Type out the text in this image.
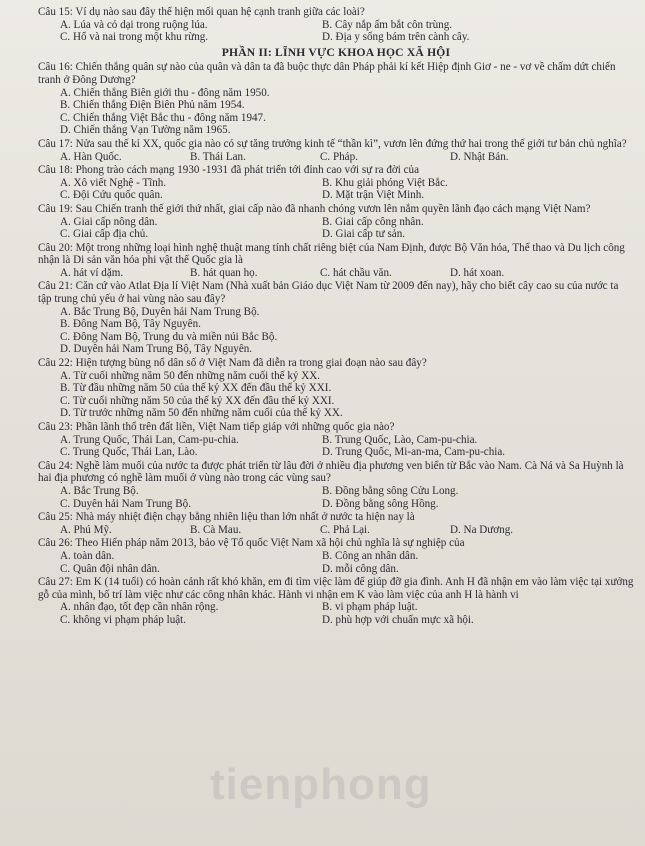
Câu 15: Ví dụ nào sau đây thể hiện mối quan hệ cạnh tranh giữa các loài?
A. Lúa và cỏ dại trong ruộng lúa.	B. Cây nắp ấm bắt côn trùng.
C. Hổ và nai trong một khu rừng.	D. Địa y sống bám trên cành cây.
PHẦN II: LĨNH VỰC KHOA HỌC XÃ HỘI
Câu 16: Chiến thắng quân sự nào của quân và dân ta đã buộc thực dân Pháp phải kí kết Hiệp định Giơ - ne - vơ về chấm dứt chiến tranh ở Đông Dương?
A. Chiến thắng Biên giới thu - đông năm 1950.
B. Chiến thắng Điện Biên Phủ năm 1954.
C. Chiến thắng Việt Bắc thu - đông năm 1947.
D. Chiến thắng Vạn Tường năm 1965.
Câu 17: Nửa sau thế kỉ XX, quốc gia nào có sự tăng trưởng kinh tế “thần kì”, vươn lên đứng thứ hai trong thế giới tư bản chủ nghĩa?
A. Hàn Quốc.	B. Thái Lan.	C. Pháp.	D. Nhật Bản.
Câu 18: Phong trào cách mạng 1930 -1931 đã phát triển tới đỉnh cao với sự ra đời của
A. Xô viết Nghệ - Tĩnh.	B. Khu giải phóng Việt Bắc.
C. Đội Cứu quốc quân.	D. Mặt trận Việt Minh.
Câu 19: Sau Chiến tranh thế giới thứ nhất, giai cấp nào đã nhanh chóng vươn lên nắm quyền lãnh đạo cách mạng Việt Nam?
A. Giai cấp nông dân.	B. Giai cấp công nhân.
C. Giai cấp địa chủ.	D. Giai cấp tư sản.
Câu 20: Một trong những loại hình nghệ thuật mang tính chất riêng biệt của Nam Định, được Bộ Văn hóa, Thể thao và Du lịch công nhận là Di sản văn hóa phi vật thể Quốc gia là
A. hát ví dặm.	B. hát quan họ.	C. hát chầu văn.	D. hát xoan.
Câu 21: Căn cứ vào Atlat Địa lí Việt Nam (Nhà xuất bản Giáo dục Việt Nam từ 2009 đến nay), hãy cho biết cây cao su của nước ta tập trung chủ yếu ở hai vùng nào sau đây?
A. Bắc Trung Bộ, Duyên hải Nam Trung Bộ.
B. Đông Nam Bộ, Tây Nguyên.
C. Đông Nam Bộ, Trung du và miền núi Bắc Bộ.
D. Duyên hải Nam Trung Bộ, Tây Nguyên.
Câu 22: Hiện tượng bùng nổ dân số ở Việt Nam đã diễn ra trong giai đoạn nào sau đây?
A. Từ cuối những năm 50 đến những năm cuối thế kỷ XX.
B. Từ đầu những năm 50 của thế kỷ XX đến đầu thế kỷ XXI.
C. Từ cuối những năm 50 của thế kỷ XX đến đầu thế kỷ XXI.
D. Từ trước những năm 50 đến những năm cuối của thế kỷ XX.
Câu 23: Phần lãnh thổ trên đất liền, Việt Nam tiếp giáp với những quốc gia nào?
A. Trung Quốc, Thái Lan, Cam-pu-chia.	B. Trung Quốc, Lào, Cam-pu-chia.
C. Trung Quốc, Thái Lan, Lào.	D. Trung Quốc, Mi-an-ma, Cam-pu-chia.
Câu 24: Nghề làm muối của nước ta được phát triển từ lâu đời ở nhiều địa phương ven biển từ Bắc vào Nam. Cà Ná và Sa Huỳnh là hai địa phương có nghề làm muối ở vùng nào trong các vùng sau?
A. Bắc Trung Bộ.	B. Đồng bằng sông Cửu Long.
C. Duyên hải Nam Trung Bộ.	D. Đồng bằng sông Hồng.
Câu 25: Nhà máy nhiệt điện chạy bằng nhiên liệu than lớn nhất ở nước ta hiện nay là
A. Phú Mỹ.	B. Cà Mau.	C. Phả Lại.	D. Na Dương.
Câu 26: Theo Hiến pháp năm 2013, bảo vệ Tổ quốc Việt Nam xã hội chủ nghĩa là sự nghiệp của
A. toàn dân.	B. Công an nhân dân.
C. Quân đội nhân dân.	D. mỗi công dân.
Câu 27: Em K (14 tuổi) có hoàn cảnh rất khó khăn, em đi tìm việc làm để giúp đỡ gia đình. Anh H đã nhận em vào làm việc tại xưởng gỗ của mình, bố trí làm việc như các công nhân khác. Hành vi nhận em K vào làm việc của anh H là hành vi
A. nhân đạo, tốt đẹp cần nhân rộng.	B. vi phạm pháp luật.
C. không vi phạm pháp luật.	D. phù hợp với chuẩn mực xã hội.
tienphong
